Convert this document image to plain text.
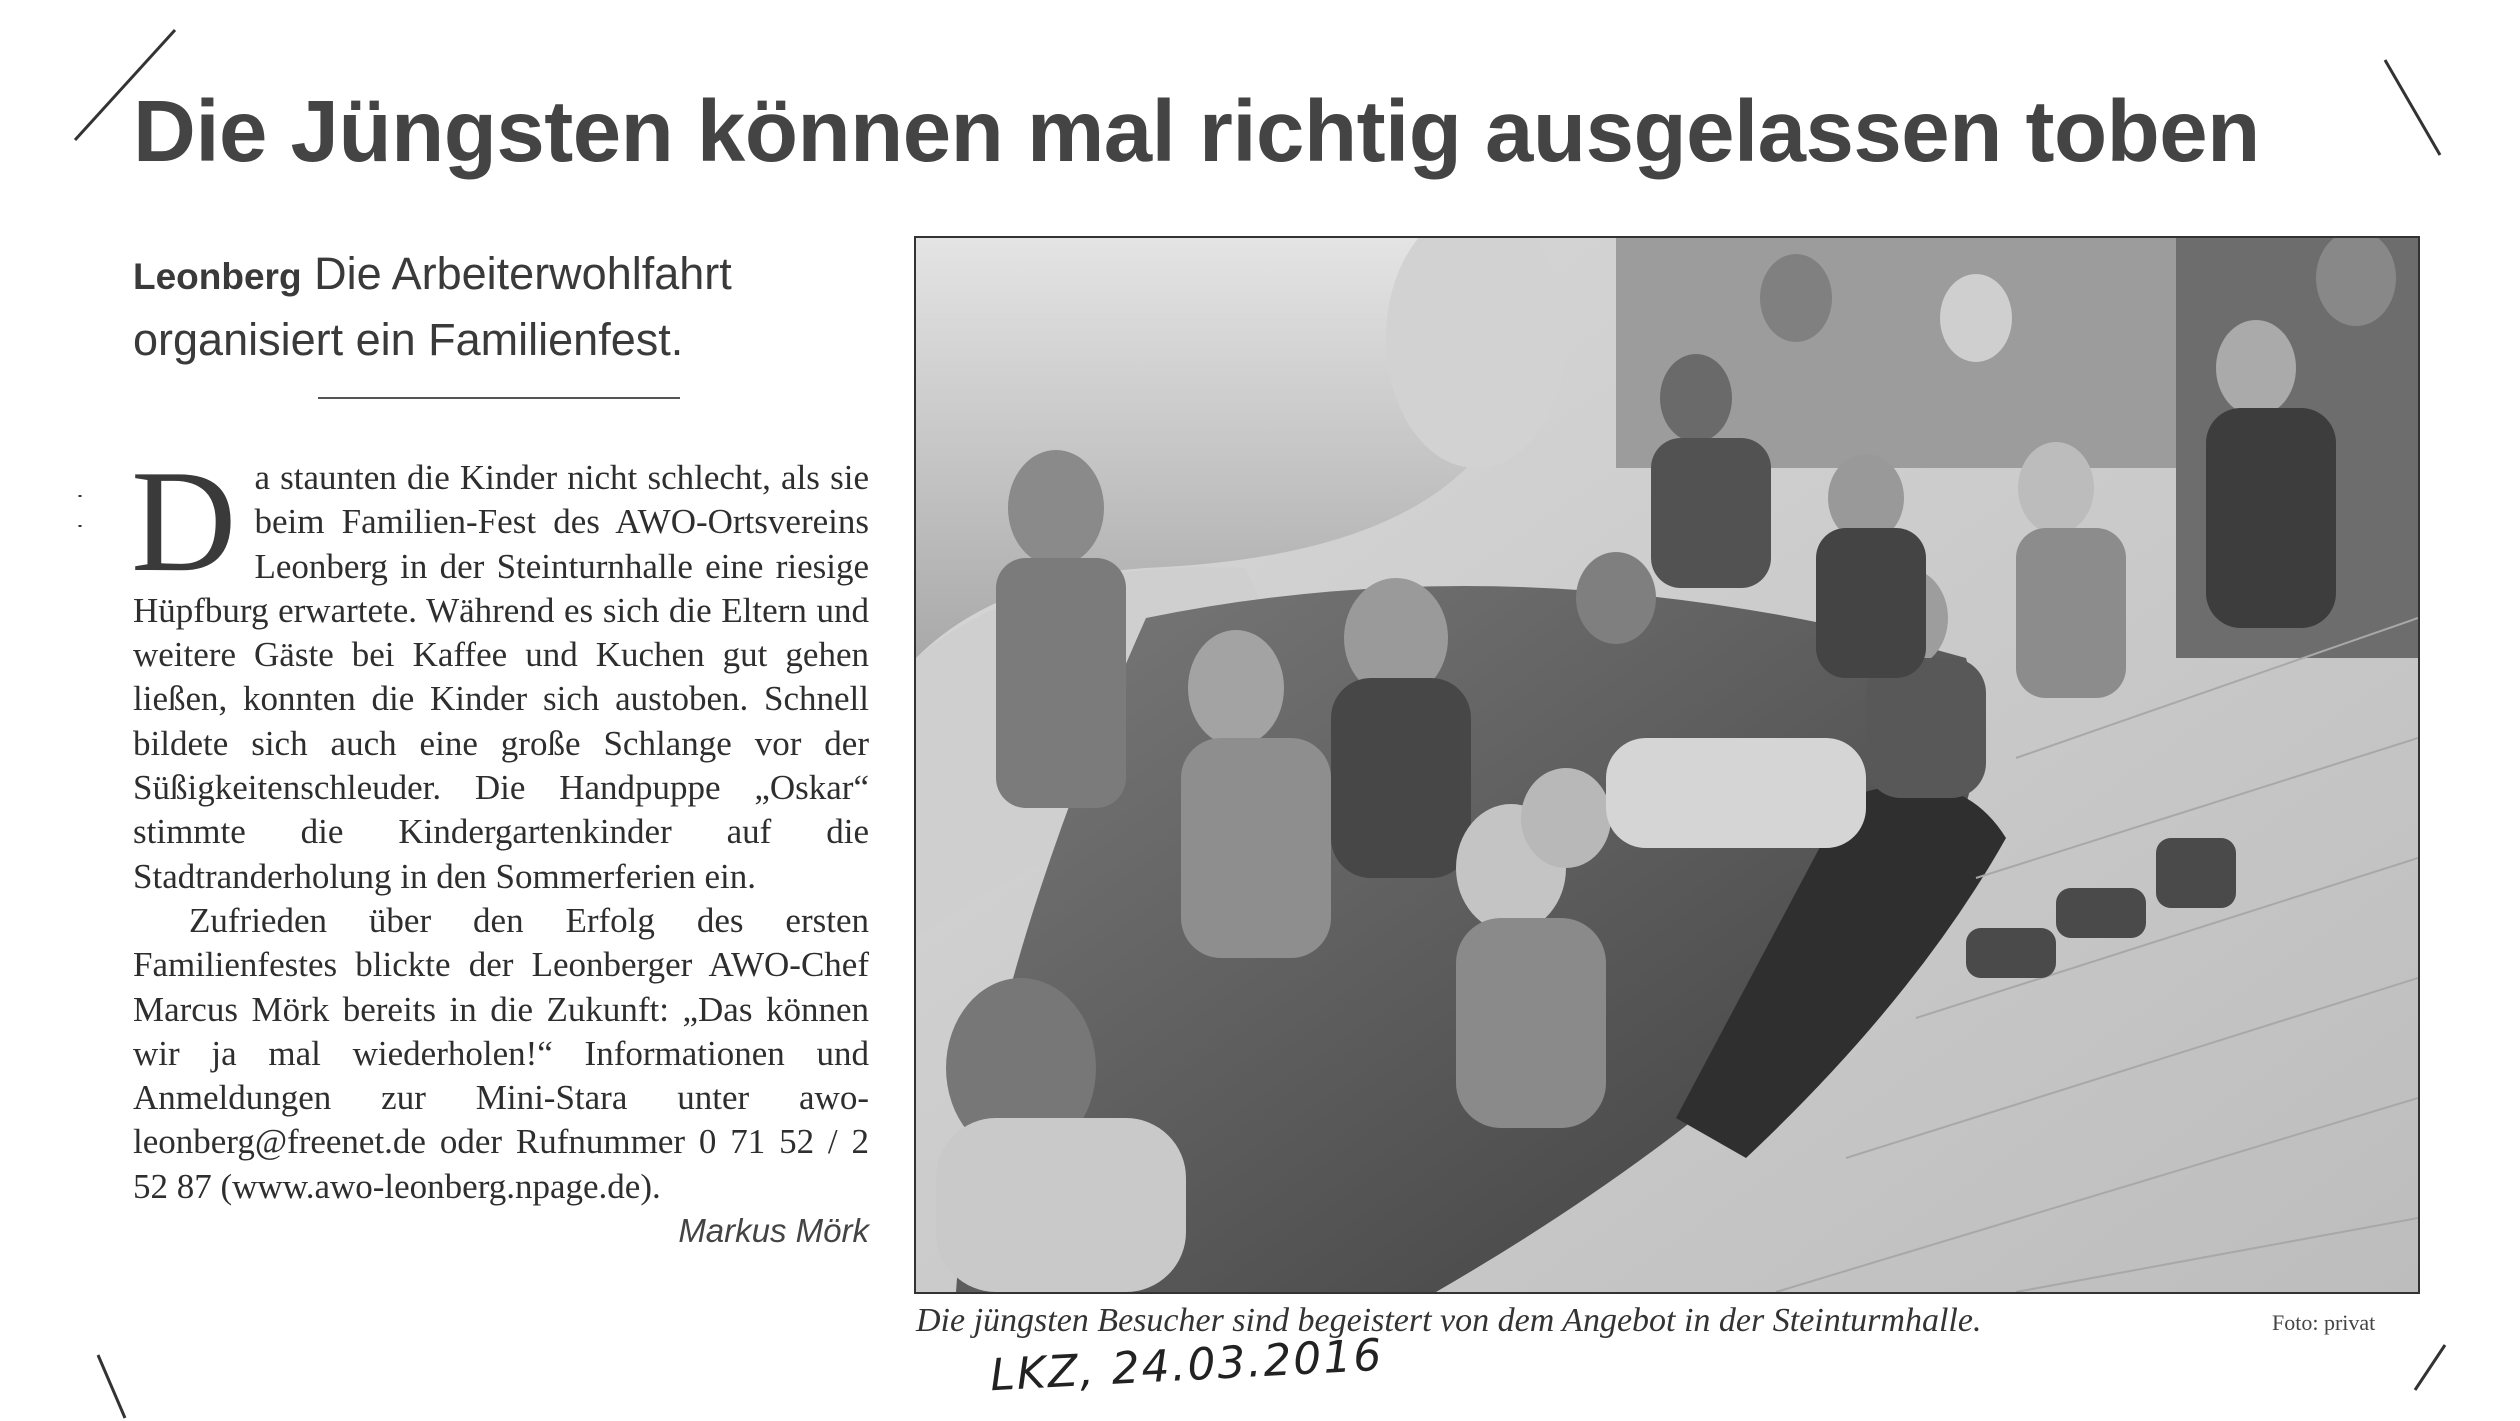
Die Jüngsten können mal richtig ausgelassen toben
Leonberg Die Arbeiterwohlfahrt organisiert ein Familienfest.

D a staunten die Kinder nicht schlecht, als sie beim Familien-Fest des AWO-Ortsvereins Leonberg in der Steinturnhalle eine riesige Hüpfburg erwartete. Während es sich die Eltern und weitere Gäste bei Kaffee und Kuchen gut gehen ließen, konnten die Kinder sich austoben. Schnell bildete sich auch eine große Schlange vor der Süßigkeitenschleuder. Die Handpuppe „Oskar“ stimmte die Kindergartenkinder auf die Stadtranderholung in den Sommerferien ein.

Zufrieden über den Erfolg des ersten Familienfestes blickte der Leonberger AWO-Chef Marcus Mörk bereits in die Zukunft: „Das können wir ja mal wiederholen!“ Informationen und Anmeldungen zur Mini-Stara unter awo-leonberg@freenet.de oder Rufnummer 0 71 52 / 2 52 87 (www.awo-leonberg.npage.de).
Markus Mörk

Die jüngsten Besucher sind begeistert von dem Angebot in der Steinturmhalle.	Foto: privat
LKZ, 24.03.2016
